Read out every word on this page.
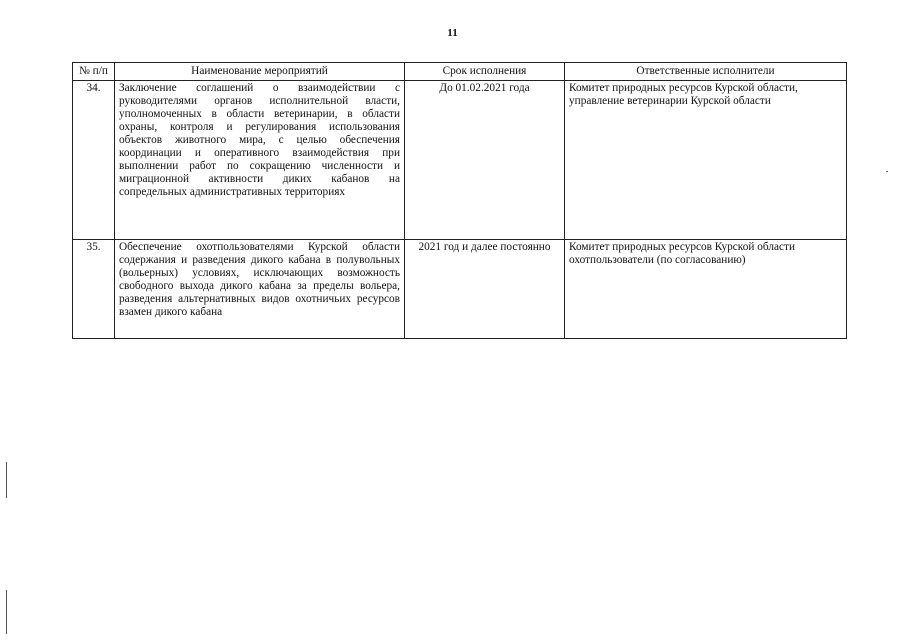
11
№ п/п	Наименование мероприятий	Срок исполнения	Ответственные исполнители
34.	Заключение соглашений о взаимодействии с руководителями органов исполнительной власти, уполномоченных в области ветеринарии, в области охраны, контроля и регулирования использования объектов животного мира, с целью обеспечения координации и оперативного взаимодействия при выполнении работ по сокращению численности и миграционной активности диких кабанов на сопредельных административных территориях	До 01.02.2021 года	Комитет природных ресурсов Курской области, управление ветеринарии Курской области
35.	Обеспечение охотпользователями Курской области содержания и разведения дикого кабана в полувольных (вольерных) условиях, исключающих возможность свободного выхода дикого кабана за пределы вольера, разведения альтернативных видов охотничьих ресурсов взамен дикого кабана	2021 год и далее постоянно	Комитет природных ресурсов Курской области охотпользователи (по согласованию)
